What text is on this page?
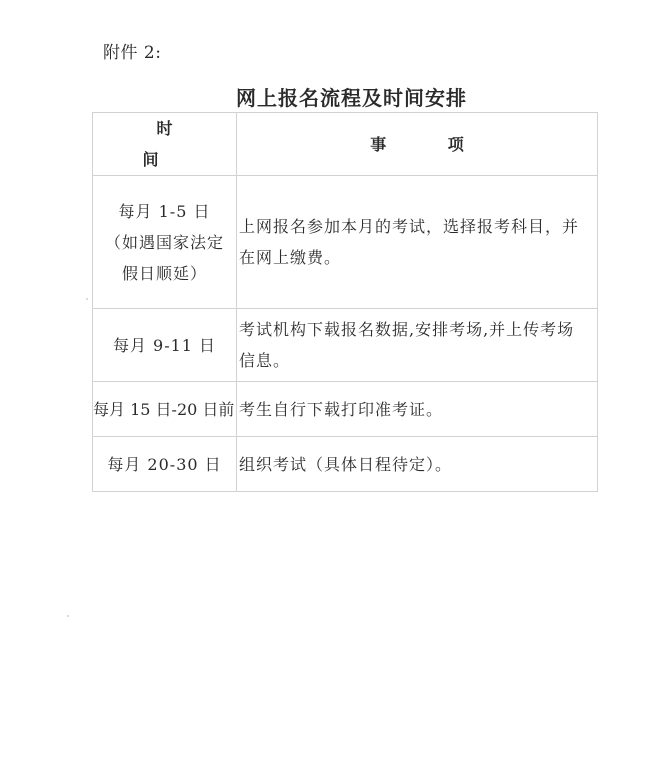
附件 2:
网上报名流程及时间安排
时 间	事 项

每月 1-5 日
（如遇国家法定
假日顺延）	上网报名参加本月的考试，选择报考科目，并
在网上缴费。

每月 9-11 日	考试机构下载报名数据,安排考场,并上传考场
信息。

每月 15 日-20 日前	考生自行下载打印准考证。

每月 20-30 日	组织考试（具体日程待定）。
